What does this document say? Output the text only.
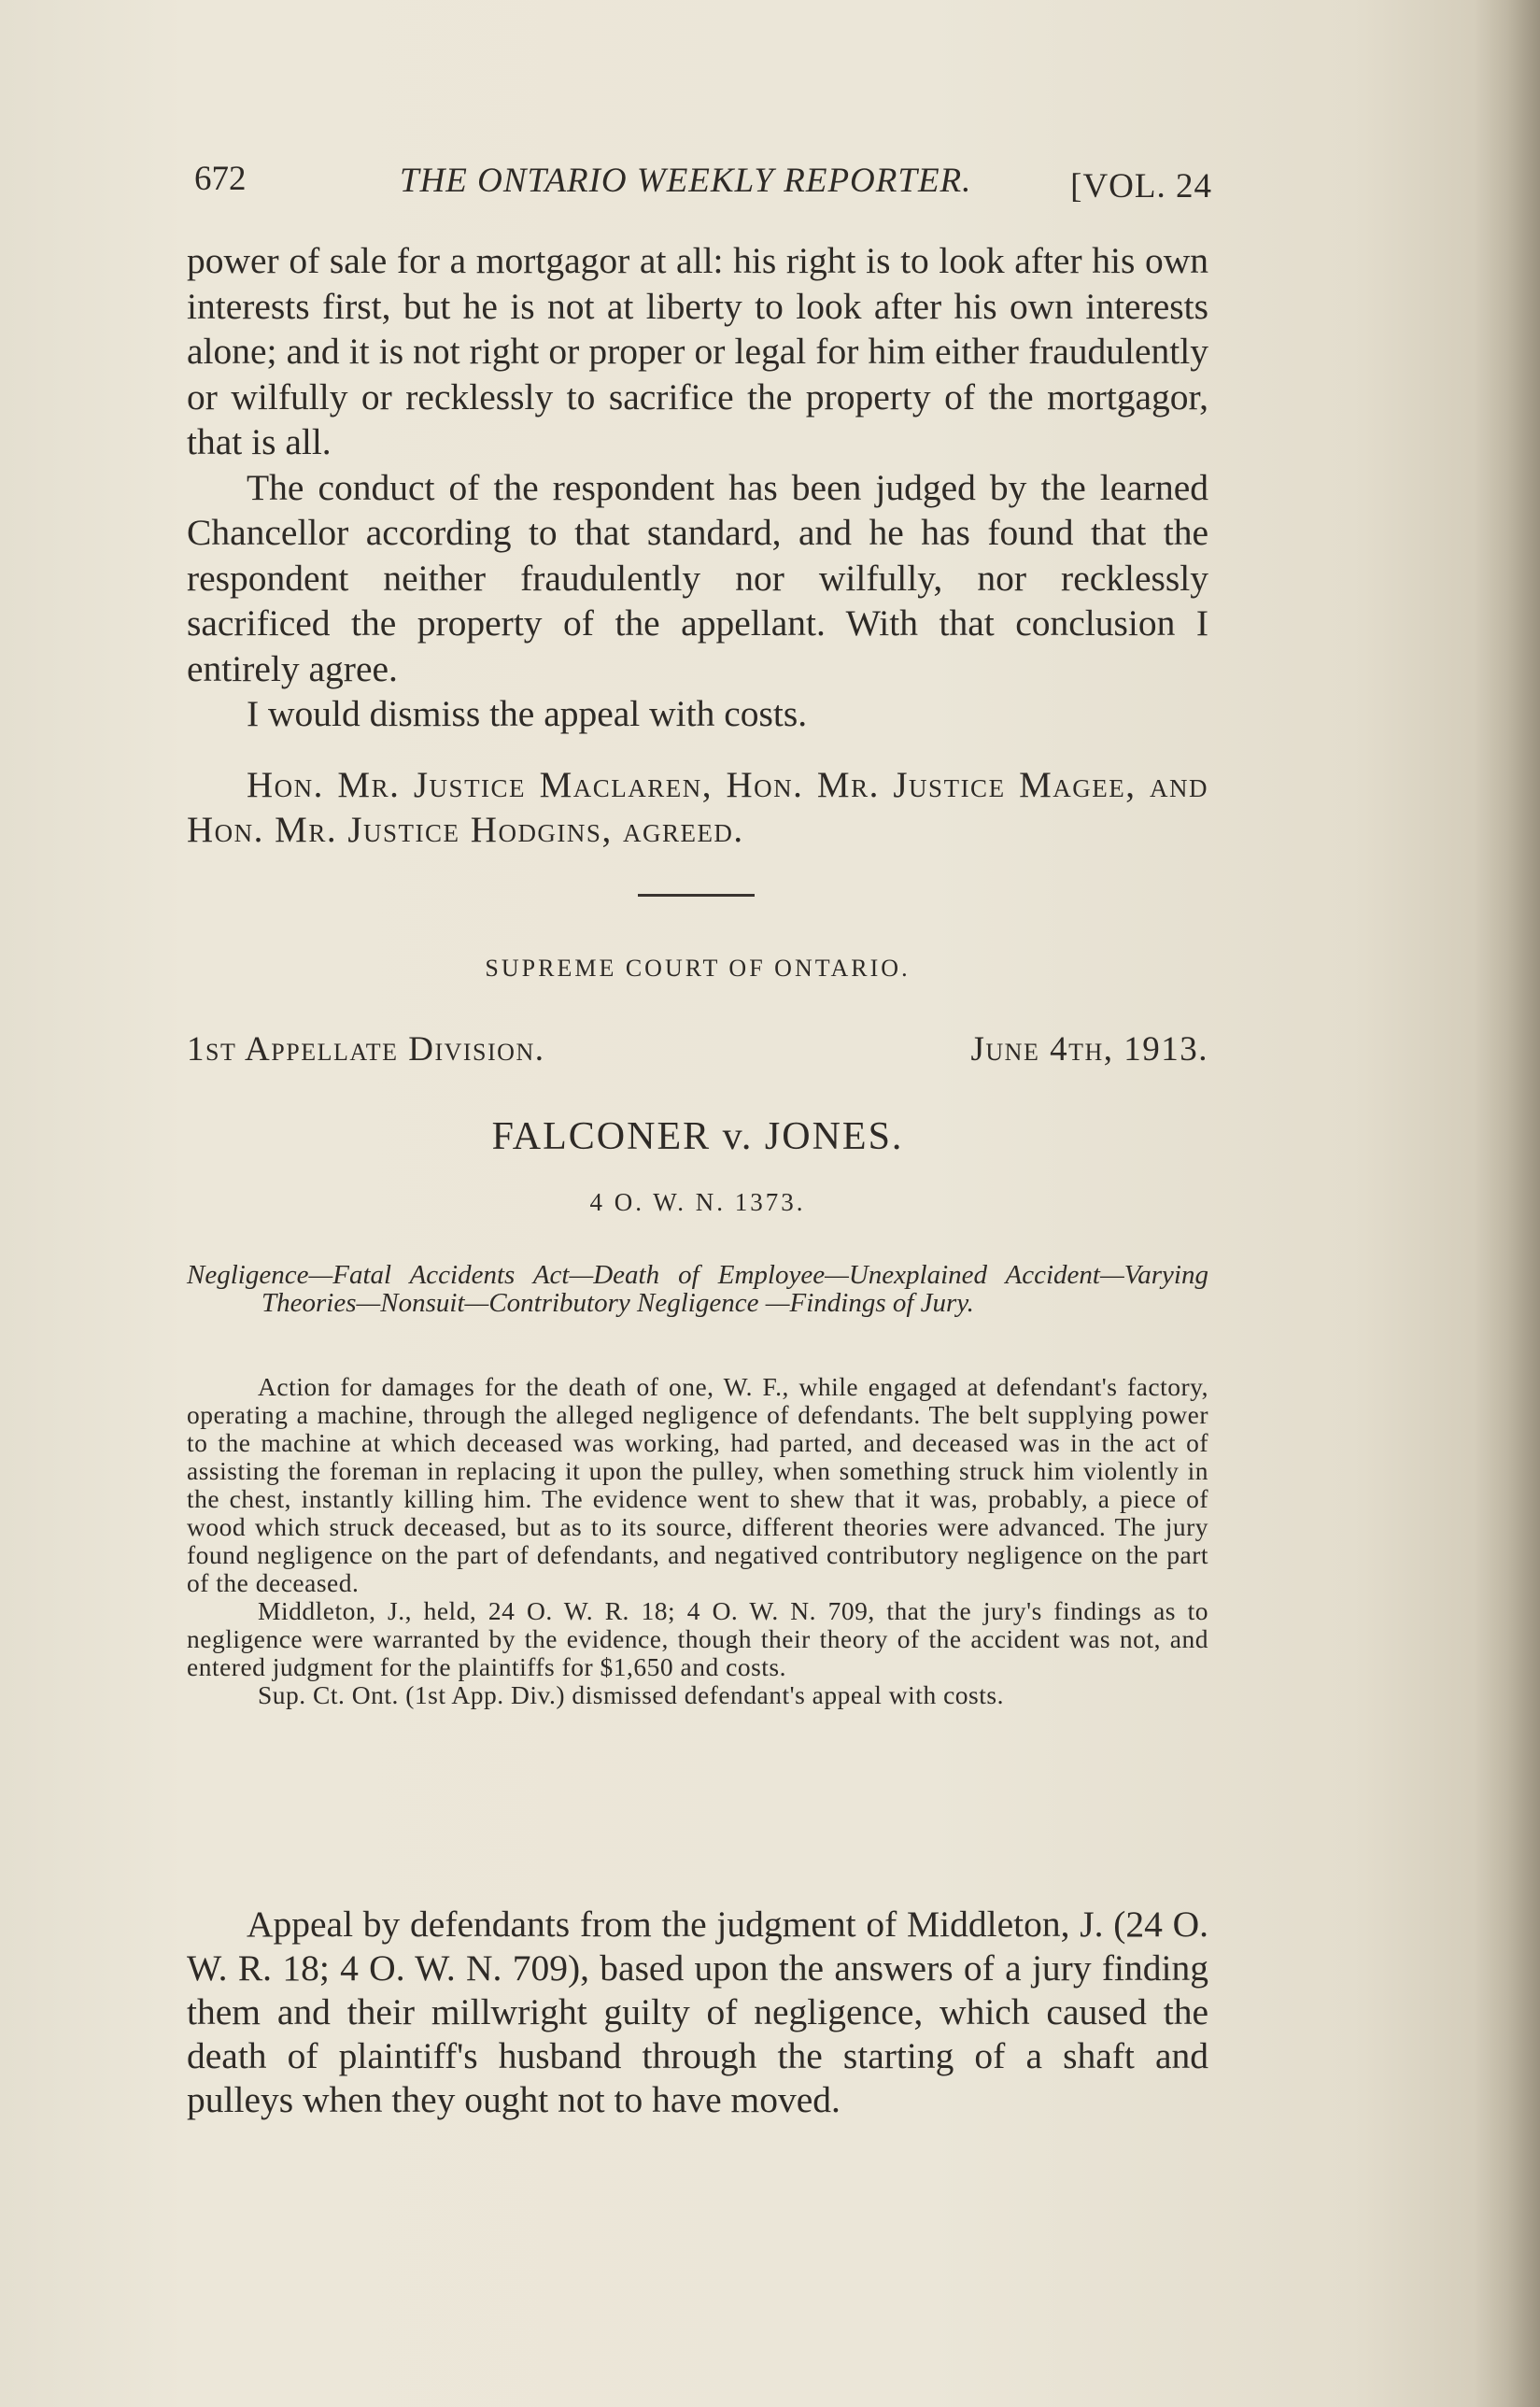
672	THE ONTARIO WEEKLY REPORTER.	[VOL. 24

power of sale for a mortgagor at all: his right is to look after his own interests first, but he is not at liberty to look after his own interests alone; and it is not right or proper or legal for him either fraudulently or wilfully or recklessly to sacrifice the property of the mortgagor, that is all.

The conduct of the respondent has been judged by the learned Chancellor according to that standard, and he has found that the respondent neither fraudulently nor wilfully, nor recklessly sacrificed the property of the appellant. With that conclusion I entirely agree.

I would dismiss the appeal with costs.

Hon. Mr. Justice Maclaren, Hon. Mr. Justice Magee, and Hon. Mr. Justice Hodgins, agreed.

SUPREME COURT OF ONTARIO.
1st Appellate Division.	June 4th, 1913.
FALCONER v. JONES.
4 O. W. N. 1373.
Negligence—Fatal Accidents Act—Death of Employee—Unexplained Accident—Varying Theories—Nonsuit—Contributory Negligence —Findings of Jury.

Action for damages for the death of one, W. F., while engaged at defendant's factory, operating a machine, through the alleged negligence of defendants. The belt supplying power to the machine at which deceased was working, had parted, and deceased was in the act of assisting the foreman in replacing it upon the pulley, when something struck him violently in the chest, instantly killing him. The evidence went to shew that it was, probably, a piece of wood which struck deceased, but as to its source, different theories were advanced. The jury found negligence on the part of defendants, and negatived contributory negligence on the part of the deceased.

Middleton, J., held, 24 O. W. R. 18; 4 O. W. N. 709, that the jury's findings as to negligence were warranted by the evidence, though their theory of the accident was not, and entered judgment for the plaintiffs for $1,650 and costs.

Sup. Ct. Ont. (1st App. Div.) dismissed defendant's appeal with costs.

Appeal by defendants from the judgment of Middleton, J. (24 O. W. R. 18; 4 O. W. N. 709), based upon the answers of a jury finding them and their millwright guilty of negligence, which caused the death of plaintiff's husband through the starting of a shaft and pulleys when they ought not to have moved.
